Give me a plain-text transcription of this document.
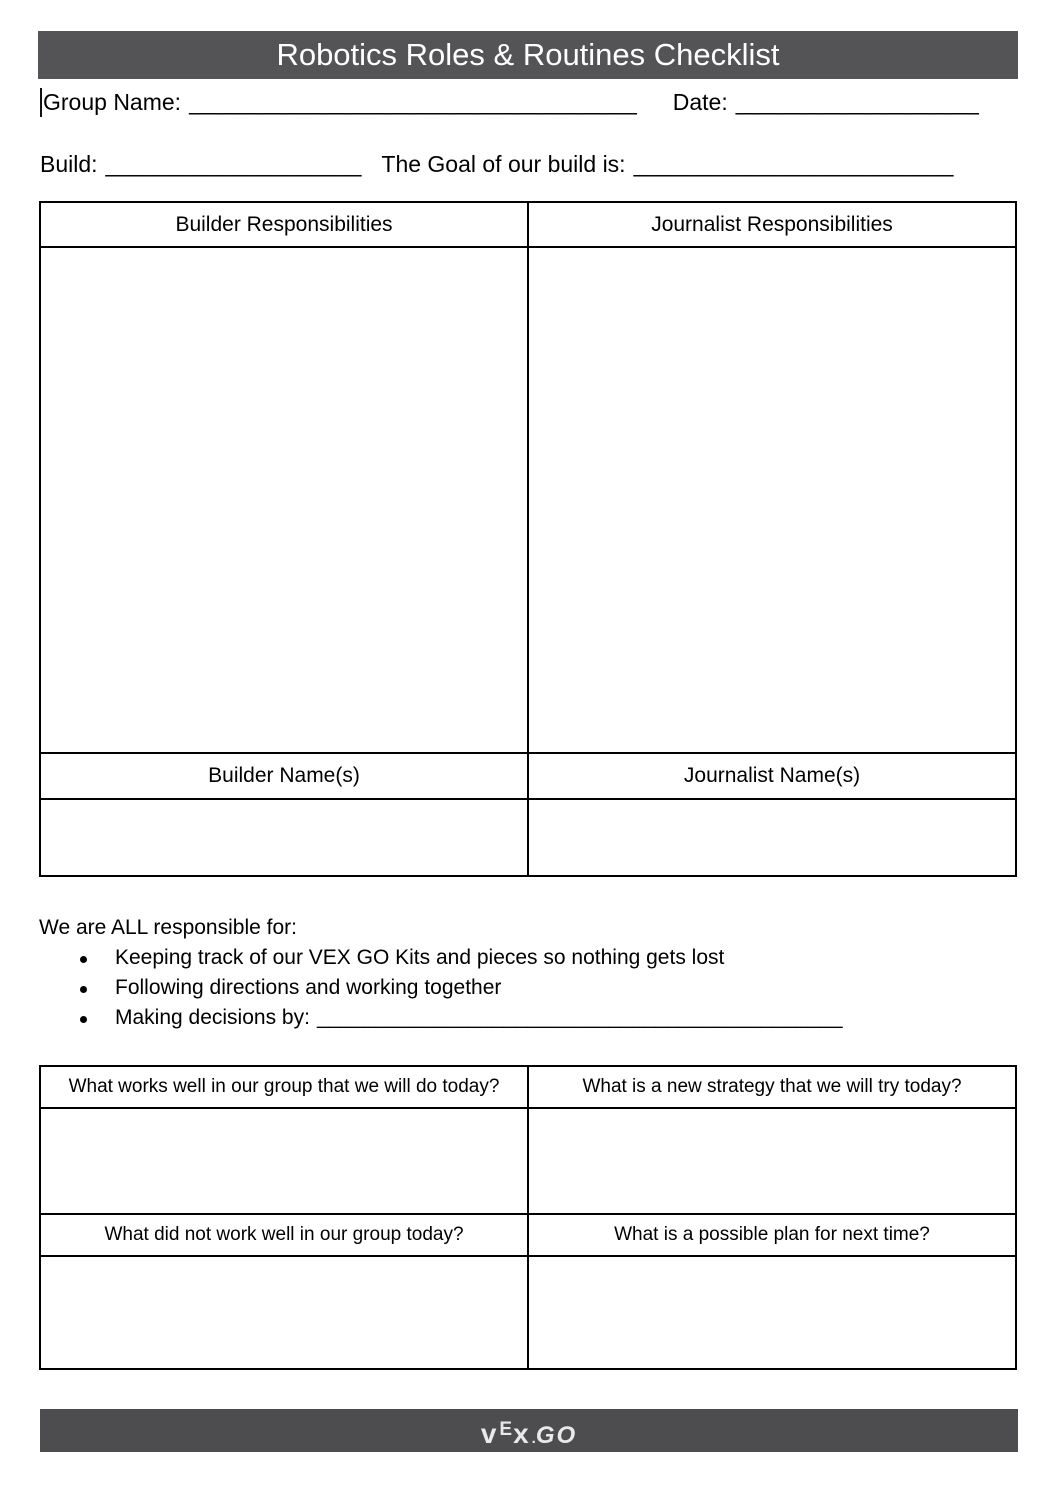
Robotics Roles & Routines Checklist
Group Name: ___________________________________ Date: ___________________
Build: ____________________ The Goal of our build is: _________________________
Builder Responsibilities	Journalist Responsibilities

Builder Name(s)	Journalist Name(s)

We are ALL responsible for:
Keeping track of our VEX GO Kits and pieces so nothing gets lost
Following directions and working together
Making decisions by: _____________________________________________
What works well in our group that we will do today?	What is a new strategy that we will try today?

What did not work well in our group today?	What is a possible plan for next time?

$v^Ex.GO$
